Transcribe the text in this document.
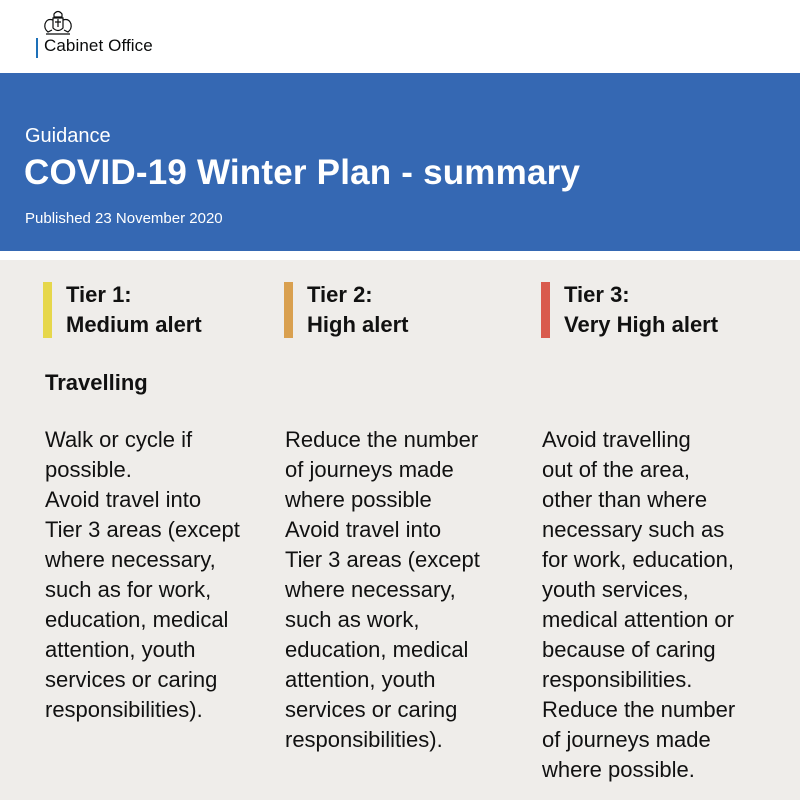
Cabinet Office
Guidance
COVID-19 Winter Plan - summary
Published 23 November 2020
Tier 1:
Medium alert
Tier 2:
High alert
Tier 3:
Very High alert
Travelling
Walk or cycle if
possible.
Avoid travel into
Tier 3 areas (except
where necessary,
such as for work,
education, medical
attention, youth
services or caring
responsibilities).
Reduce the number
of journeys made
where possible
Avoid travel into
Tier 3 areas (except
where necessary,
such as work,
education, medical
attention, youth
services or caring
responsibilities).
Avoid travelling
out of the area,
other than where
necessary such as
for work, education,
youth services,
medical attention or
because of caring
responsibilities.
Reduce the number
of journeys made
where possible.
